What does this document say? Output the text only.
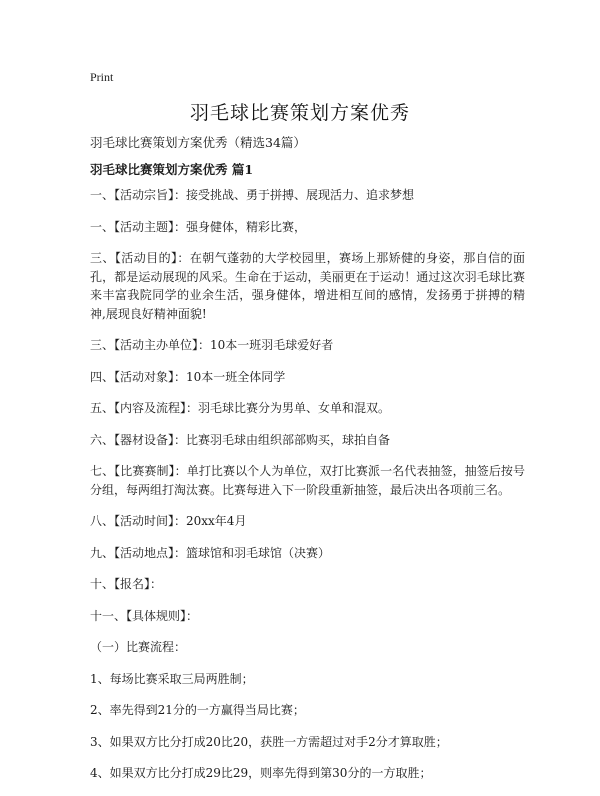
Print
羽毛球比赛策划方案优秀
羽毛球比赛策划方案优秀（精选34篇）
羽毛球比赛策划方案优秀 篇1

一、【活动宗旨】：接受挑战、勇于拼搏、展现活力、追求梦想

一、【活动主题】：强身健体，精彩比赛，

三、【活动目的】：在朝气蓬勃的大学校园里，赛场上那矫健的身姿，那自信的面孔，都是运动展现的风采。生命在于运动，美丽更在于运动！通过这次羽毛球比赛来丰富我院同学的业余生活，强身健体，增进相互间的感情，发扬勇于拼搏的精神,展现良好精神面貌!

三、【活动主办单位】：10本一班羽毛球爱好者

四、【活动对象】：10本一班全体同学

五、【内容及流程】：羽毛球比赛分为男单、女单和混双。

六、【器材设备】：比赛羽毛球由组织部部购买，球拍自备

七、【比赛赛制】：单打比赛以个人为单位，双打比赛派一名代表抽签，抽签后按号分组，每两组打淘汰赛。比赛每进入下一阶段重新抽签，最后决出各项前三名。

八、【活动时间】：20xx年4月

九、【活动地点】：篮球馆和羽毛球馆（决赛）

十、【报名】：

十一、【具体规则】：

（一）比赛流程：

1、每场比赛采取三局两胜制；

2、率先得到21分的一方赢得当局比赛；

3、如果双方比分打成20比20，获胜一方需超过对手2分才算取胜；

4、如果双方比分打成29比29，则率先得到第30分的一方取胜；
